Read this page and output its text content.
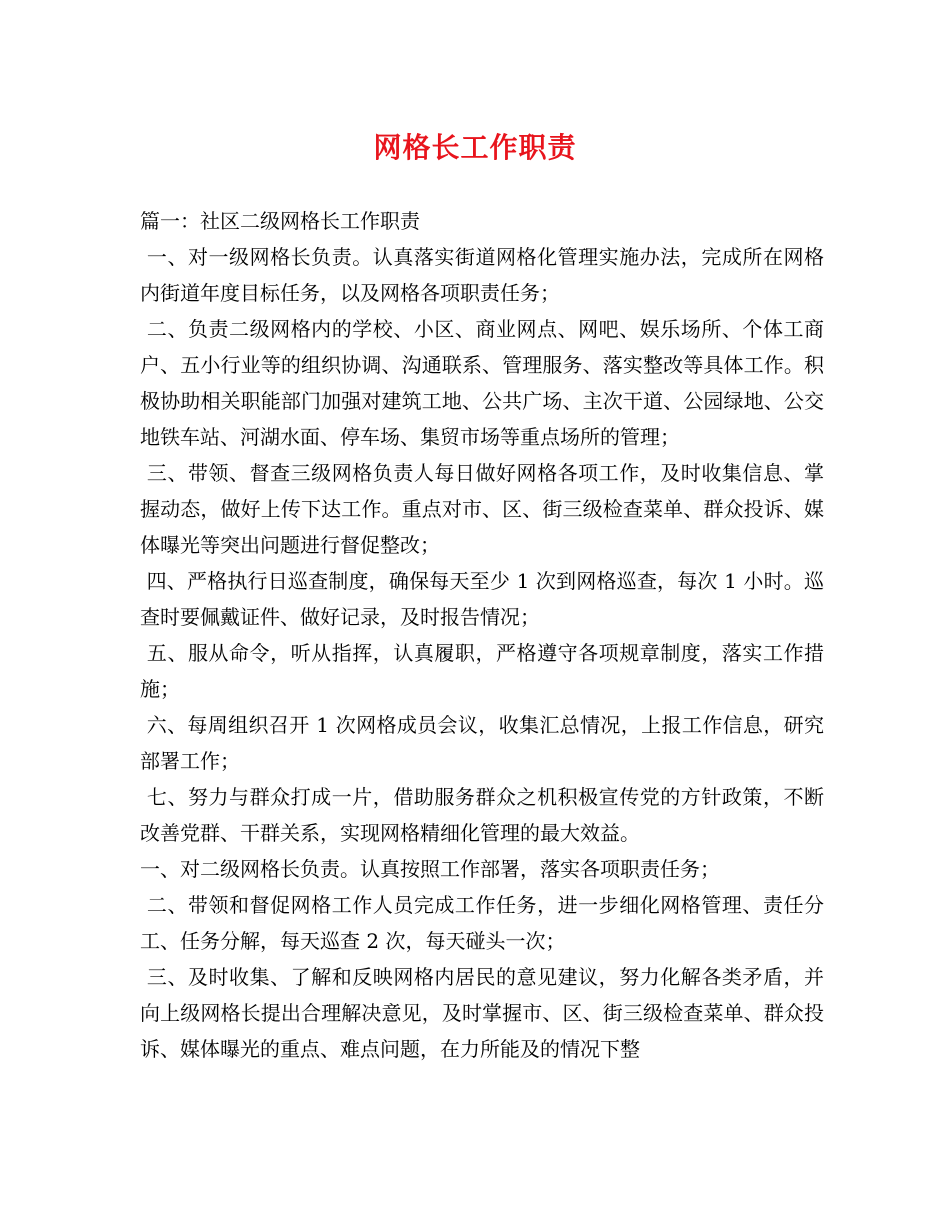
网格长工作职责

篇一：社区二级网格长工作职责

一、对一级网格长负责。认真落实街道网格化管理实施办法，完成所在网格内街道年度目标任务，以及网格各项职责任务；

二、负责二级网格内的学校、小区、商业网点、网吧、娱乐场所、个体工商户、五小行业等的组织协调、沟通联系、管理服务、落实整改等具体工作。积极协助相关职能部门加强对建筑工地、公共广场、主次干道、公园绿地、公交地铁车站、河湖水面、停车场、集贸市场等重点场所的管理；

三、带领、督查三级网格负责人每日做好网格各项工作，及时收集信息、掌握动态，做好上传下达工作。重点对市、区、街三级检查菜单、群众投诉、媒体曝光等突出问题进行督促整改；

四、严格执行日巡查制度，确保每天至少 1 次到网格巡查，每次 1 小时。巡查时要佩戴证件、做好记录，及时报告情况；

五、服从命令，听从指挥，认真履职，严格遵守各项规章制度，落实工作措施；

六、每周组织召开 1 次网格成员会议，收集汇总情况，上报工作信息，研究部署工作；

七、努力与群众打成一片，借助服务群众之机积极宣传党的方针政策，不断改善党群、干群关系，实现网格精细化管理的最大效益。

一、对二级网格长负责。认真按照工作部署，落实各项职责任务；

二、带领和督促网格工作人员完成工作任务，进一步细化网格管理、责任分工、任务分解，每天巡查 2 次，每天碰头一次；

三、及时收集、了解和反映网格内居民的意见建议，努力化解各类矛盾，并向上级网格长提出合理解决意见，及时掌握市、区、街三级检查菜单、群众投诉、媒体曝光的重点、难点问题，在力所能及的情况下整
